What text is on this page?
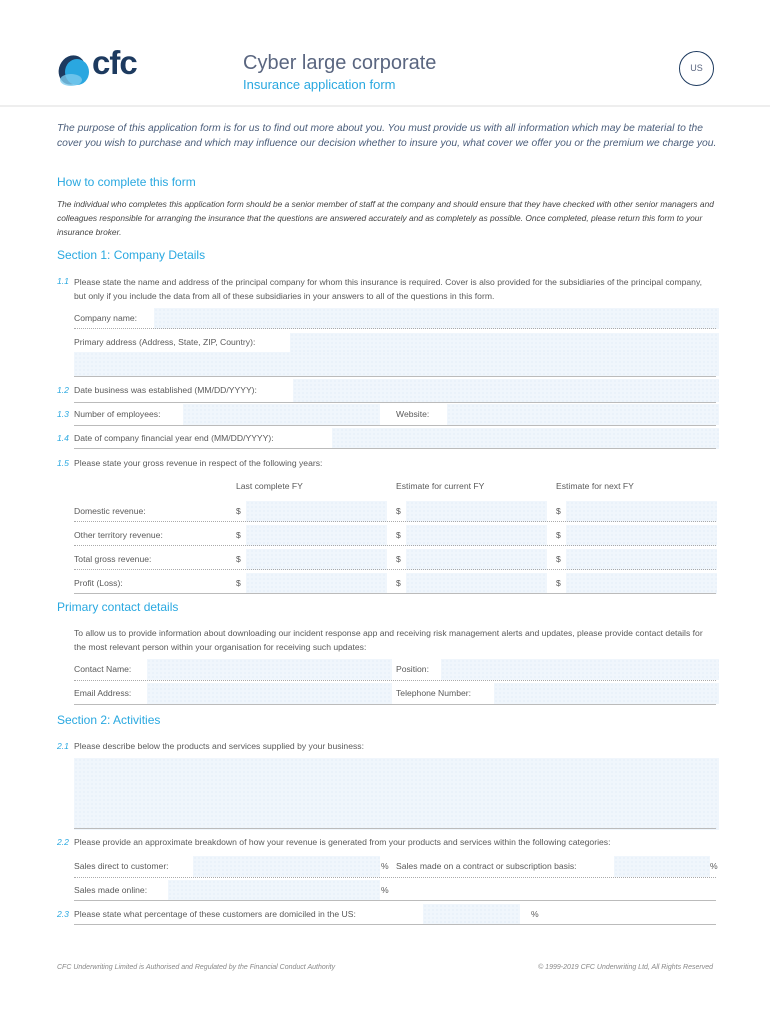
cfc	Cyber large corporate
Insurance application form
US
The purpose of this application form is for us to find out more about you. You must provide us with all information which may be material to the cover you wish to purchase and which may influence our decision whether to insure you, what cover we offer you or the premium we charge you.
How to complete this form
The individual who completes this application form should be a senior member of staff at the company and should ensure that they have checked with other senior managers and colleagues responsible for arranging the insurance that the questions are answered accurately and as completely as possible. Once completed, please return this form to your insurance broker.
Section 1: Company Details
1.1 Please state the name and address of the principal company for whom this insurance is required. Cover is also provided for the subsidiaries of the principal company, but only if you include the data from all of these subsidiaries in your answers to all of the questions in this form.
Company name:
Primary address (Address, State, ZIP, Country):
1.2 Date business was established (MM/DD/YYYY):
1.3 Number of employees:	Website:
1.4 Date of company financial year end (MM/DD/YYYY):
1.5 Please state your gross revenue in respect of the following years:
Last complete FY	Estimate for current FY	Estimate for next FY
Domestic revenue:	$	$	$
Other territory revenue:	$	$	$
Total gross revenue:	$	$	$
Profit (Loss):	$	$	$
Primary contact details
To allow us to provide information about downloading our incident response app and receiving risk management alerts and updates, please provide contact details for the most relevant person within your organisation for receiving such updates:
Contact Name:	Position:
Email Address:	Telephone Number:
Section 2: Activities
2.1 Please describe below the products and services supplied by your business:
2.2 Please provide an approximate breakdown of how your revenue is generated from your products and services within the following categories:
Sales direct to customer:	% Sales made on a contract or subscription basis:	%
Sales made online:	%
2.3 Please state what percentage of these customers are domiciled in the US:	%
CFC Underwriting Limited is Authorised and Regulated by the Financial Conduct Authority	© 1999-2019 CFC Underwriting Ltd, All Rights Reserved
